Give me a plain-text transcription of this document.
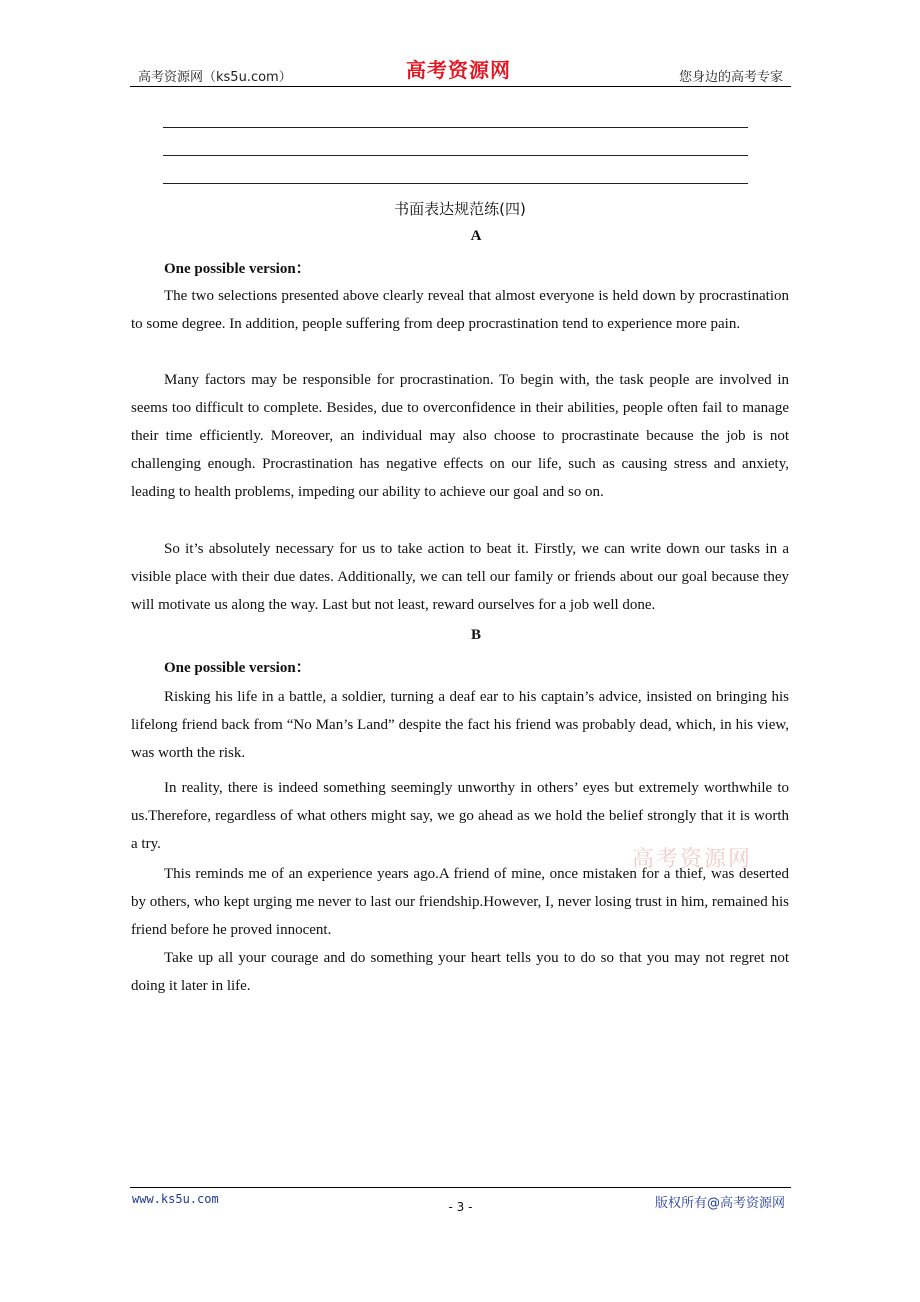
高考资源网（ks5u.com）	高考资源网	您身边的高考专家
书面表达规范练(四)
A
One possible version：

The two selections presented above clearly reveal that almost everyone is held down by procrastination to some degree. In addition, people suffering from deep procrastination tend to experience more pain.

Many factors may be responsible for procrastination. To begin with, the task people are involved in seems too difficult to complete. Besides, due to overconfidence in their abilities, people often fail to manage their time efficiently. Moreover, an individual may also choose to procrastinate because the job is not challenging enough. Procrastination has negative effects on our life, such as causing stress and anxiety, leading to health problems, impeding our ability to achieve our goal and so on.

So it’s absolutely necessary for us to take action to beat it. Firstly, we can write down our tasks in a visible place with their due dates. Additionally, we can tell our family or friends about our goal because they will motivate us along the way. Last but not least, reward ourselves for a job well done.

B
One possible version：

Risking his life in a battle, a soldier, turning a deaf ear to his captain’s advice, insisted on bringing his lifelong friend back from “No Man’s Land” despite the fact his friend was probably dead, which, in his view, was worth the risk.

In reality, there is indeed something seemingly unworthy in others’ eyes but extremely worthwhile to us.Therefore, regardless of what others might say, we go ahead as we hold the belief strongly that it is worth a try.

This reminds me of an experience years ago.A friend of mine, once mistaken for a thief, was deserted by others, who kept urging me never to last our friendship.However, I, never losing trust in him, remained his friend before he proved innocent.

Take up all your courage and do something your heart tells you to do so that you may not regret not doing it later in life.

高考资源网
www.ks5u.com
- 3 -	版权所有@高考资源网
